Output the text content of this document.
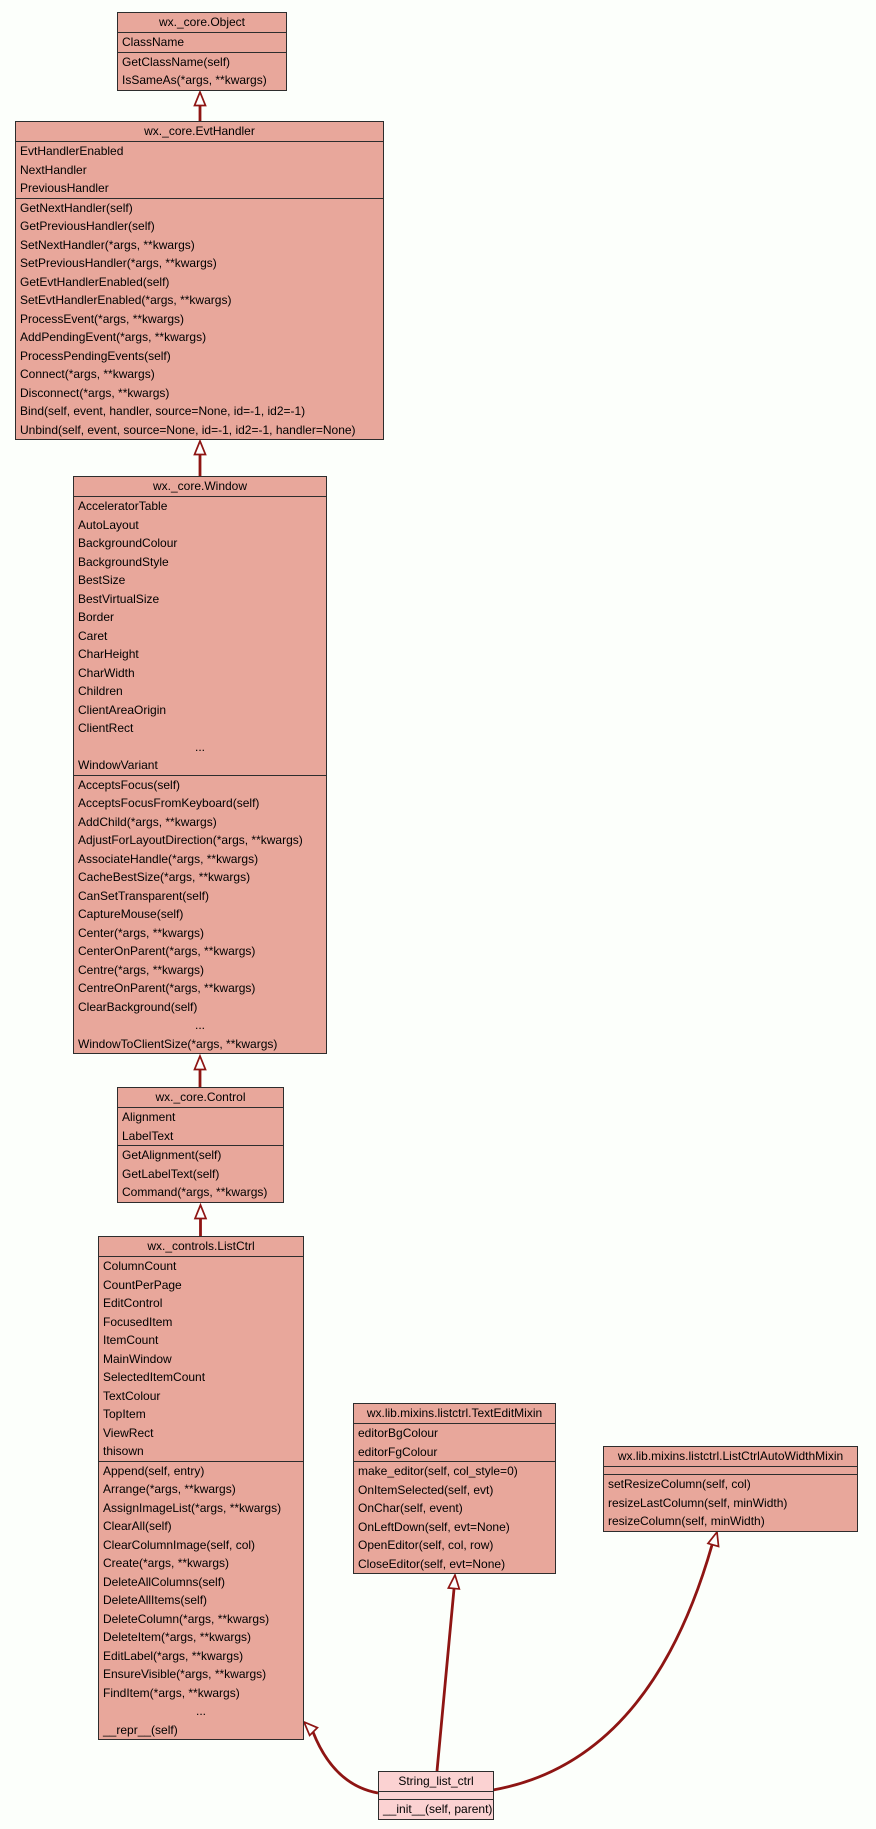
wx._core.Object
ClassName
GetClassName(self)
IsSameAs(*args, **kwargs)
wx._core.EvtHandler
EvtHandlerEnabled
NextHandler
PreviousHandler
GetNextHandler(self)
GetPreviousHandler(self)
SetNextHandler(*args, **kwargs)
SetPreviousHandler(*args, **kwargs)
GetEvtHandlerEnabled(self)
SetEvtHandlerEnabled(*args, **kwargs)
ProcessEvent(*args, **kwargs)
AddPendingEvent(*args, **kwargs)
ProcessPendingEvents(self)
Connect(*args, **kwargs)
Disconnect(*args, **kwargs)
Bind(self, event, handler, source=None, id=-1, id2=-1)
Unbind(self, event, source=None, id=-1, id2=-1, handler=None)
wx._core.Window
AcceleratorTable
AutoLayout
BackgroundColour
BackgroundStyle
BestSize
BestVirtualSize
Border
Caret
CharHeight
CharWidth
Children
ClientAreaOrigin
ClientRect
...
WindowVariant
AcceptsFocus(self)
AcceptsFocusFromKeyboard(self)
AddChild(*args, **kwargs)
AdjustForLayoutDirection(*args, **kwargs)
AssociateHandle(*args, **kwargs)
CacheBestSize(*args, **kwargs)
CanSetTransparent(self)
CaptureMouse(self)
Center(*args, **kwargs)
CenterOnParent(*args, **kwargs)
Centre(*args, **kwargs)
CentreOnParent(*args, **kwargs)
ClearBackground(self)
...
WindowToClientSize(*args, **kwargs)
wx._core.Control
Alignment
LabelText
GetAlignment(self)
GetLabelText(self)
Command(*args, **kwargs)
wx._controls.ListCtrl
ColumnCount
CountPerPage
EditControl
FocusedItem
ItemCount
MainWindow
SelectedItemCount
TextColour
TopItem
ViewRect
thisown
Append(self, entry)
Arrange(*args, **kwargs)
AssignImageList(*args, **kwargs)
ClearAll(self)
ClearColumnImage(self, col)
Create(*args, **kwargs)
DeleteAllColumns(self)
DeleteAllItems(self)
DeleteColumn(*args, **kwargs)
DeleteItem(*args, **kwargs)
EditLabel(*args, **kwargs)
EnsureVisible(*args, **kwargs)
FindItem(*args, **kwargs)
...
__repr__(self)
wx.lib.mixins.listctrl.TextEditMixin
editorBgColour
editorFgColour
make_editor(self, col_style=0)
OnItemSelected(self, evt)
OnChar(self, event)
OnLeftDown(self, evt=None)
OpenEditor(self, col, row)
CloseEditor(self, evt=None)
wx.lib.mixins.listctrl.ListCtrlAutoWidthMixin
setResizeColumn(self, col)
resizeLastColumn(self, minWidth)
resizeColumn(self, minWidth)
String_list_ctrl
__init__(self, parent)
